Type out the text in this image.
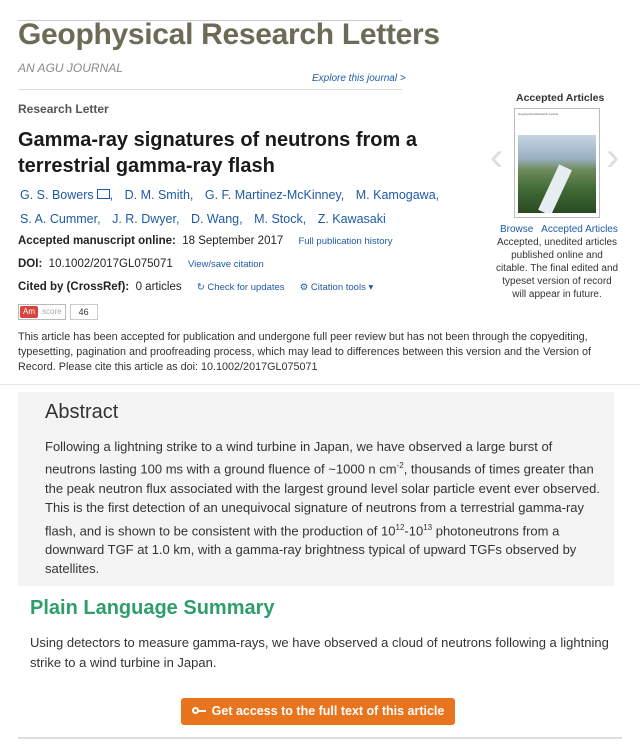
Geophysical Research Letters
AN AGU JOURNAL
Explore this journal >
Research Letter
Gamma-ray signatures of neutrons from a terrestrial gamma-ray flash
G. S. Bowers , D. M. Smith, G. F. Martinez-McKinney, M. Kamogawa,
S. A. Cummer, J. R. Dwyer, D. Wang, M. Stock, Z. Kawasaki
Accepted manuscript online: 18 September 2017 Full publication history
DOI: 10.1002/2017GL075071 View/save citation
Cited by (CrossRef): 0 articles ↻ Check for updates ⚙ Citation tools ▾
Am score 46
This article has been accepted for publication and undergone full peer review but has not been through the copyediting, typesetting, pagination and proofreading process, which may lead to differences between this version and the Version of Record. Please cite this article as doi: 10.1002/2017GL075071
Accepted Articles
‹
Geophysical Research Letters
›
Browse Accepted Articles
Accepted, unedited articles published online and citable. The final edited and typeset version of record will appear in future.
Abstract
Following a lightning strike to a wind turbine in Japan, we have observed a large burst of neutrons lasting 100 ms with a ground fluence of ~1000 n $cm^{-2}$, thousands of times greater than the peak neutron flux associated with the largest ground level solar particle event ever observed. This is the first detection of an unequivocal signature of neutrons from a terrestrial gamma-ray flash, and is shown to be consistent with the production of $10^{12}-10^{13}$ photoneutrons from a downward TGF at 1.0 km, with a gamma-ray brightness typical of upward TGFs observed by satellites.
Plain Language Summary
Using detectors to measure gamma-rays, we have observed a cloud of neutrons following a lightning strike to a wind turbine in Japan.
Get access to the full text of this article
